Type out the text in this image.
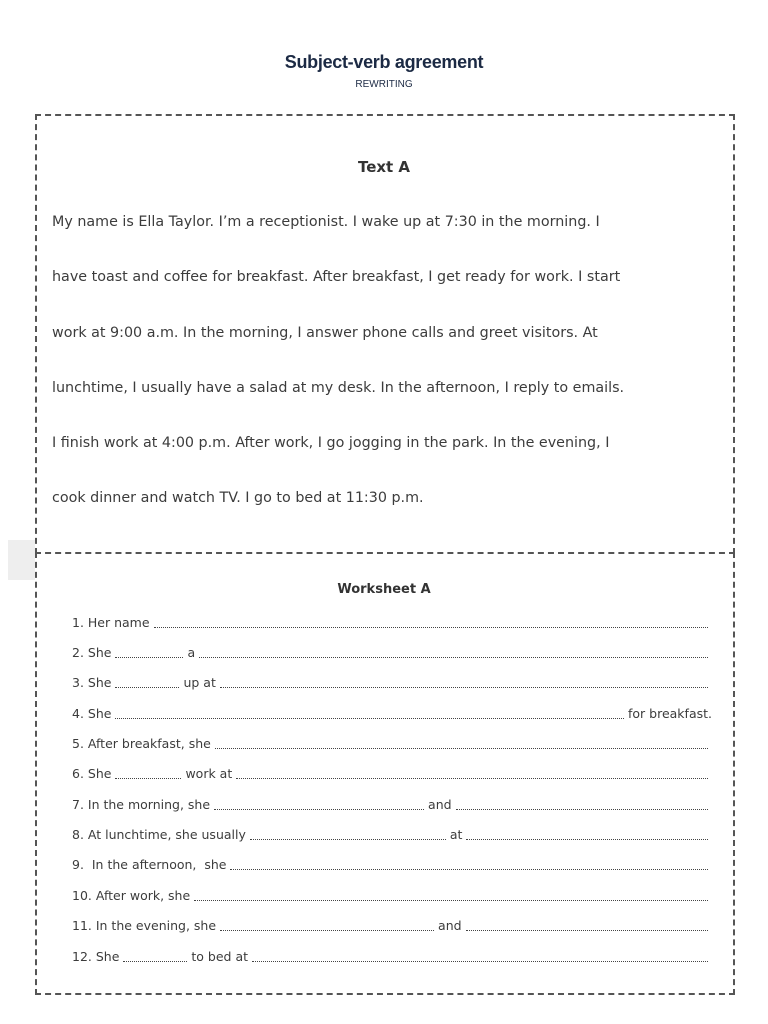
Subject-verb agreement
REWRITING
Text A
My name is Ella Taylor. I’m a receptionist. I wake up at 7:30 in the morning. I
have toast and coffee for breakfast. After breakfast, I get ready for work. I start
work at 9:00 a.m. In the morning, I answer phone calls and greet visitors. At
lunchtime, I usually have a salad at my desk. In the afternoon, I reply to emails.
I finish work at 4:00 p.m. After work, I go jogging in the park. In the evening, I
cook dinner and watch TV. I go to bed at 11:30 p.m.
Worksheet A
1. Her name
2. She	a
3. She	up at
4. She	for breakfast.
5. After breakfast, she
6. She	work at
7. In the morning, she	and
8. At lunchtime, she usually	at
9.  In the afternoon,  she
10. After work, she
11. In the evening, she	and
12. She	to bed at
